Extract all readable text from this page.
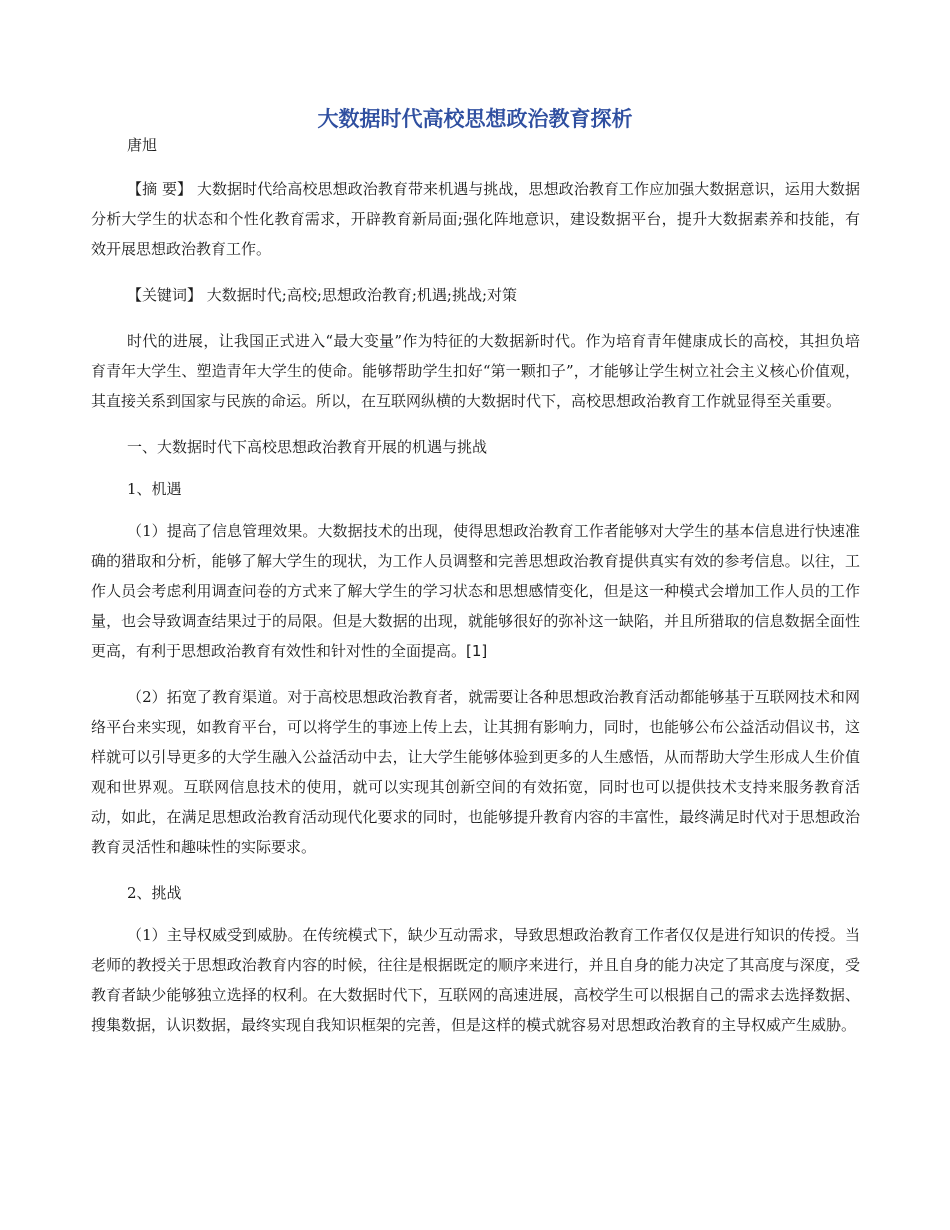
大数据时代高校思想政治教育探析

唐旭

【摘 要】 大数据时代给高校思想政治教育带来机遇与挑战，思想政治教育工作应加强大数据意识，运用大数据分析大学生的状态和个性化教育需求，开辟教育新局面;强化阵地意识，建设数据平台，提升大数据素养和技能，有效开展思想政治教育工作。

【关键词】 大数据时代;高校;思想政治教育;机遇;挑战;对策

时代的进展，让我国正式进入“最大变量”作为特征的大数据新时代。作为培育青年健康成长的高校，其担负培育青年大学生、塑造青年大学生的使命。能够帮助学生扣好“第一颗扣子”，才能够让学生树立社会主义核心价值观，其直接关系到国家与民族的命运。所以，在互联网纵横的大数据时代下，高校思想政治教育工作就显得至关重要。

一、大数据时代下高校思想政治教育开展的机遇与挑战

1、机遇

（1）提高了信息管理效果。大数据技术的出现，使得思想政治教育工作者能够对大学生的基本信息进行快速准确的猎取和分析，能够了解大学生的现状，为工作人员调整和完善思想政治教育提供真实有效的参考信息。以往，工作人员会考虑利用调查问卷的方式来了解大学生的学习状态和思想感情变化，但是这一种模式会增加工作人员的工作量，也会导致调查结果过于的局限。但是大数据的出现，就能够很好的弥补这一缺陷，并且所猎取的信息数据全面性更高，有利于思想政治教育有效性和针对性的全面提高。[1]

（2）拓宽了教育渠道。对于高校思想政治教育者，就需要让各种思想政治教育活动都能够基于互联网技术和网络平台来实现，如教育平台，可以将学生的事迹上传上去，让其拥有影响力，同时，也能够公布公益活动倡议书，这样就可以引导更多的大学生融入公益活动中去，让大学生能够体验到更多的人生感悟，从而帮助大学生形成人生价值观和世界观。互联网信息技术的使用，就可以实现其创新空间的有效拓宽，同时也可以提供技术支持来服务教育活动，如此，在满足思想政治教育活动现代化要求的同时，也能够提升教育内容的丰富性，最终满足时代对于思想政治教育灵活性和趣味性的实际要求。

2、挑战

（1）主导权威受到威胁。在传统模式下，缺少互动需求，导致思想政治教育工作者仅仅是进行知识的传授。当老师的教授关于思想政治教育内容的时候，往往是根据既定的顺序来进行，并且自身的能力决定了其高度与深度，受教育者缺少能够独立选择的权利。在大数据时代下，互联网的高速进展，高校学生可以根据自己的需求去选择数据、搜集数据，认识数据，最终实现自我知识框架的完善，但是这样的模式就容易对思想政治教育的主导权威产生威胁。
